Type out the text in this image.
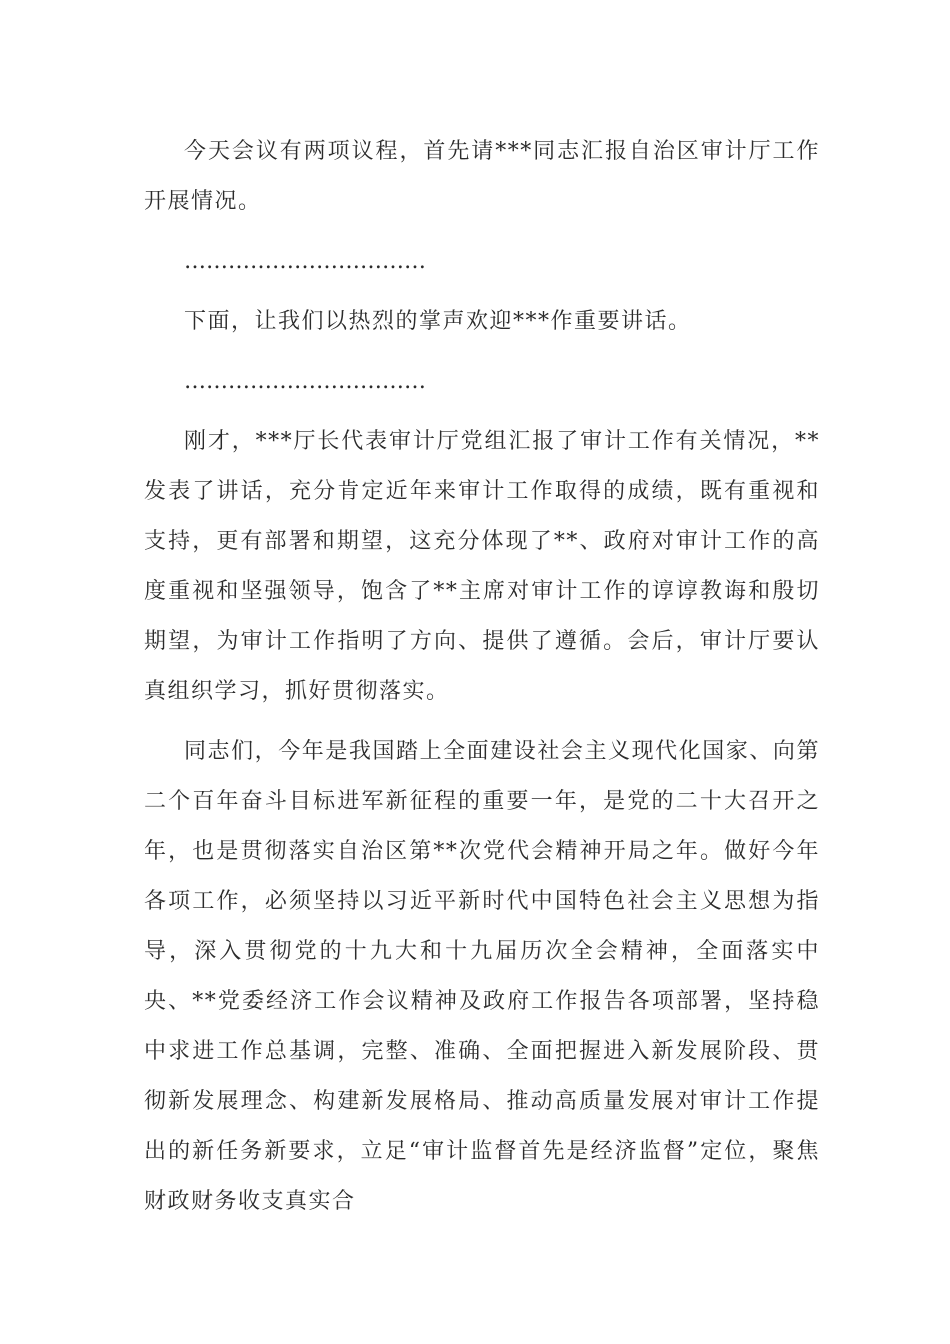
今天会议有两项议程，首先请***同志汇报自治区审计厅工作开展情况。

……………………………

下面，让我们以热烈的掌声欢迎***作重要讲话。

……………………………

刚才，***厅长代表审计厅党组汇报了审计工作有关情况，**发表了讲话，充分肯定近年来审计工作取得的成绩，既有重视和支持，更有部署和期望，这充分体现了**、政府对审计工作的高度重视和坚强领导，饱含了**主席对审计工作的谆谆教诲和殷切期望，为审计工作指明了方向、提供了遵循。会后，审计厅要认真组织学习，抓好贯彻落实。

同志们，今年是我国踏上全面建设社会主义现代化国家、向第二个百年奋斗目标进军新征程的重要一年，是党的二十大召开之年，也是贯彻落实自治区第**次党代会精神开局之年。做好今年各项工作，必须坚持以习近平新时代中国特色社会主义思想为指导，深入贯彻党的十九大和十九届历次全会精神，全面落实中央、**党委经济工作会议精神及政府工作报告各项部署，坚持稳中求进工作总基调，完整、准确、全面把握进入新发展阶段、贯彻新发展理念、构建新发展格局、推动高质量发展对审计工作提出的新任务新要求，立足“审计监督首先是经济监督”定位，聚焦财政财务收支真实合
